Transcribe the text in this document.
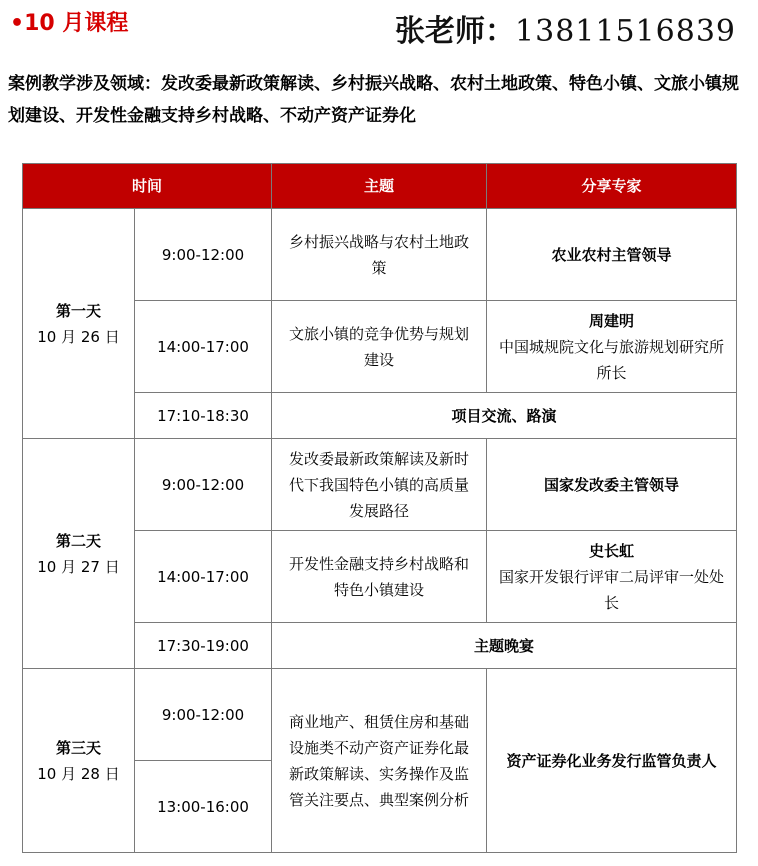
•10 月课程	张老师：13811516839

案例教学涉及领域：发改委最新政策解读、乡村振兴战略、农村土地政策、特色小镇、文旅小镇规划建设、开发性金融支持乡村战略、不动产资产证券化

时间		主题	分享专家

第一天
10 月 26 日	9:00-12:00	乡村振兴战略与农村土地政策	农业农村主管领导
	14:00-17:00	文旅小镇的竞争优势与规划建设	周建明
中国城规院文化与旅游规划研究所所长

	17:10-18:30	项目交流、路演	

第二天
10 月 27 日	9:00-12:00	发改委最新政策解读及新时代下我国特色小镇的高质量发展路径	国家发改委主管领导
	14:00-17:00	开发性金融支持乡村战略和特色小镇建设	史长虹
国家开发银行评审二局评审一处处长

	17:30-19:00	主题晚宴	

第三天
10 月 28 日	9:00-12:00	商业地产、租赁住房和基础设施类不动产资产证券化最新政策解读、实务操作及监管关注要点、典型案例分析	资产证券化业务发行监管负责人
	13:00-16:00		
